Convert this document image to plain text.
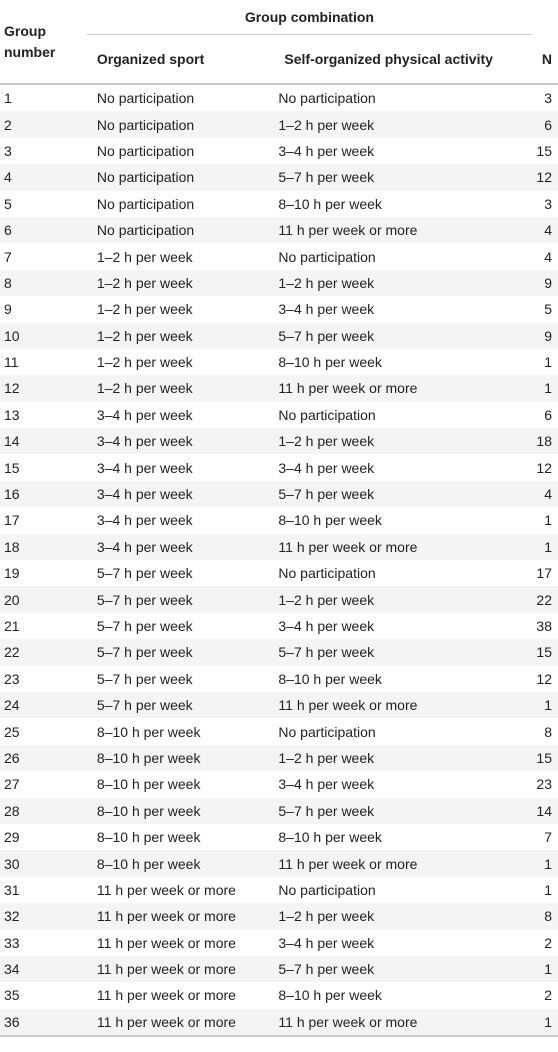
Group number	Group combination		
	Organized sport	Self-organized physical activity	N
1	No participation	No participation	3
2	No participation	1–2 h per week	6
3	No participation	3–4 h per week	15
4	No participation	5–7 h per week	12
5	No participation	8–10 h per week	3
6	No participation	11 h per week or more	4
7	1–2 h per week	No participation	4
8	1–2 h per week	1–2 h per week	9
9	1–2 h per week	3–4 h per week	5
10	1–2 h per week	5–7 h per week	9
11	1–2 h per week	8–10 h per week	1
12	1–2 h per week	11 h per week or more	1
13	3–4 h per week	No participation	6
14	3–4 h per week	1–2 h per week	18
15	3–4 h per week	3–4 h per week	12
16	3–4 h per week	5–7 h per week	4
17	3–4 h per week	8–10 h per week	1
18	3–4 h per week	11 h per week or more	1
19	5–7 h per week	No participation	17
20	5–7 h per week	1–2 h per week	22
21	5–7 h per week	3–4 h per week	38
22	5–7 h per week	5–7 h per week	15
23	5–7 h per week	8–10 h per week	12
24	5–7 h per week	11 h per week or more	1
25	8–10 h per week	No participation	8
26	8–10 h per week	1–2 h per week	15
27	8–10 h per week	3–4 h per week	23
28	8–10 h per week	5–7 h per week	14
29	8–10 h per week	8–10 h per week	7
30	8–10 h per week	11 h per week or more	1
31	11 h per week or more	No participation	1
32	11 h per week or more	1–2 h per week	8
33	11 h per week or more	3–4 h per week	2
34	11 h per week or more	5–7 h per week	1
35	11 h per week or more	8–10 h per week	2
36	11 h per week or more	11 h per week or more	1
